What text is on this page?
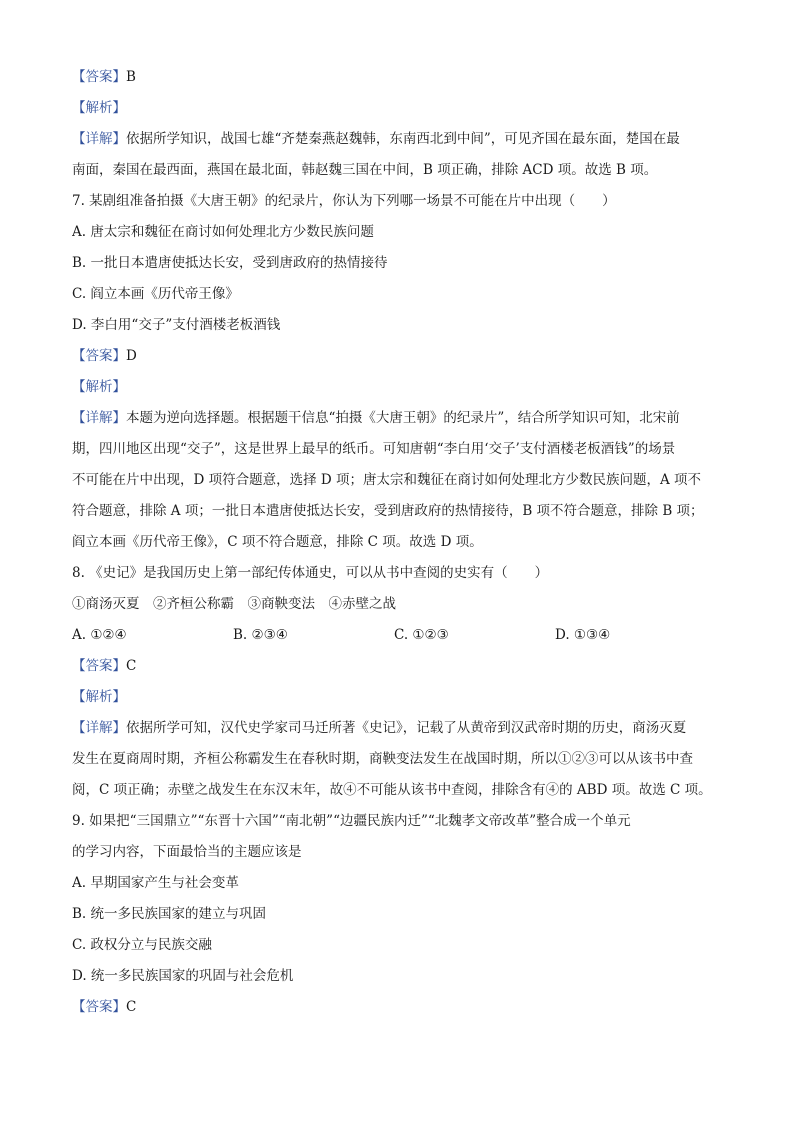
【答案】B
【解析】
【详解】依据所学知识，战国七雄“齐楚秦燕赵魏韩，东南西北到中间”，可见齐国在最东面，楚国在最
南面，秦国在最西面，燕国在最北面，韩赵魏三国在中间，B 项正确，排除 ACD 项。故选 B 项。
7. 某剧组准备拍摄《大唐王朝》的纪录片，你认为下列哪一场景不可能在片中出现（　　）
A. 唐太宗和魏征在商讨如何处理北方少数民族问题
B. 一批日本遣唐使抵达长安，受到唐政府的热情接待
C. 阎立本画《历代帝王像》
D. 李白用“交子”支付酒楼老板酒钱
【答案】D
【解析】
【详解】本题为逆向选择题。根据题干信息“拍摄《大唐王朝》的纪录片”，结合所学知识可知，北宋前
期，四川地区出现“交子”，这是世界上最早的纸币。可知唐朝“李白用‘交子’支付酒楼老板酒钱”的场景
不可能在片中出现，D 项符合题意，选择 D 项；唐太宗和魏征在商讨如何处理北方少数民族问题，A 项不
符合题意，排除 A 项；一批日本遣唐使抵达长安，受到唐政府的热情接待，B 项不符合题意，排除 B 项；
阎立本画《历代帝王像》，C 项不符合题意，排除 C 项。故选 D 项。
8. 《史记》是我国历史上第一部纪传体通史，可以从书中查阅的史实有（　　）
①商汤灭夏　②齐桓公称霸　③商鞅变法　④赤壁之战
A. ①②④	B. ②③④	C. ①②③	D. ①③④
【答案】C
【解析】
【详解】依据所学可知，汉代史学家司马迁所著《史记》，记载了从黄帝到汉武帝时期的历史，商汤灭夏
发生在夏商周时期，齐桓公称霸发生在春秋时期，商鞅变法发生在战国时期，所以①②③可以从该书中查
阅，C 项正确；赤壁之战发生在东汉末年，故④不可能从该书中查阅，排除含有④的 ABD 项。故选 C 项。
9. 如果把“三国鼎立”“东晋十六国”“南北朝”“边疆民族内迁”“北魏孝文帝改革”整合成一个单元
的学习内容，下面最恰当的主题应该是
A. 早期国家产生与社会变革
B. 统一多民族国家的建立与巩固
C. 政权分立与民族交融
D. 统一多民族国家的巩固与社会危机
【答案】C
